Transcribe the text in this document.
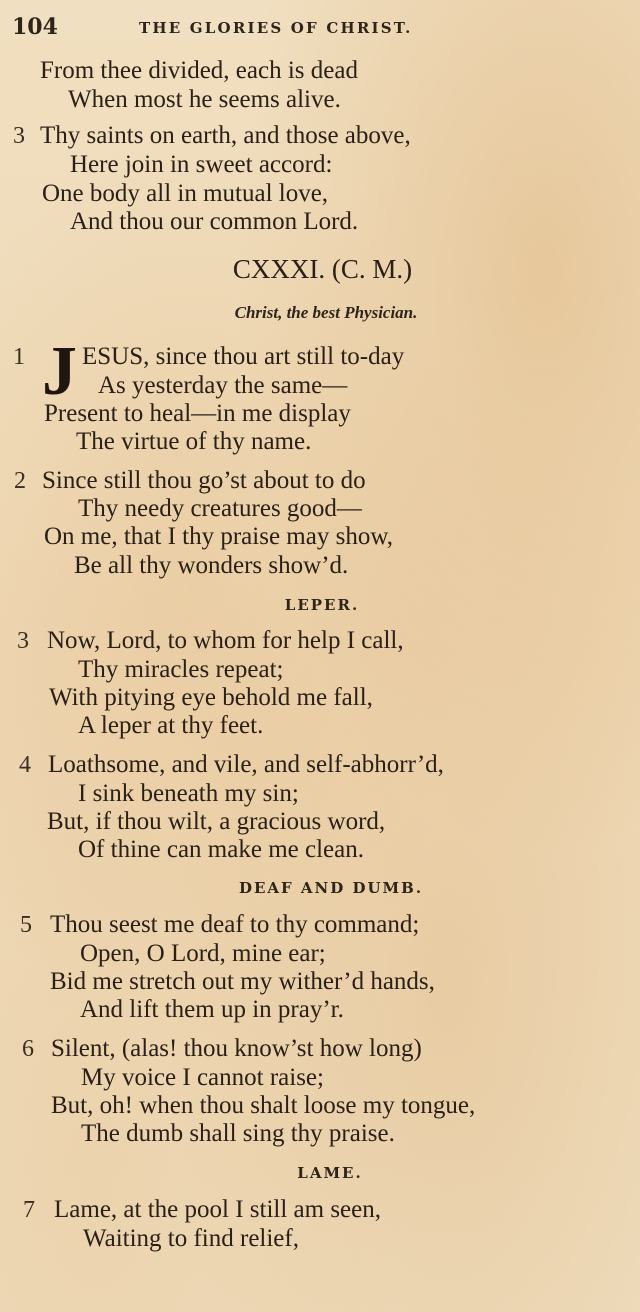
104	THE GLORIES OF CHRIST.
From thee divided, each is dead
When most he seems alive.
3 Thy saints on earth, and those above,
Here join in sweet accord:
One body all in mutual love,
And thou our common Lord.
CXXXI. (C. M.)
Christ, the best Physician.
1 J ESUS, since thou art still to-day
As yesterday the same—
Present to heal—in me display
The virtue of thy name.
2 Since still thou go’st about to do
Thy needy creatures good—
On me, that I thy praise may show,
Be all thy wonders show’d.
LEPER.
3 Now, Lord, to whom for help I call,
Thy miracles repeat;
With pitying eye behold me fall,
A leper at thy feet.
4 Loathsome, and vile, and self-abhorr’d,
I sink beneath my sin;
But, if thou wilt, a gracious word,
Of thine can make me clean.
DEAF AND DUMB.
5 Thou seest me deaf to thy command;
Open, O Lord, mine ear;
Bid me stretch out my wither’d hands,
And lift them up in pray’r.
6 Silent, (alas! thou know’st how long)
My voice I cannot raise;
But, oh! when thou shalt loose my tongue,
The dumb shall sing thy praise.
LAME.
7 Lame, at the pool I still am seen,
Waiting to find relief,
